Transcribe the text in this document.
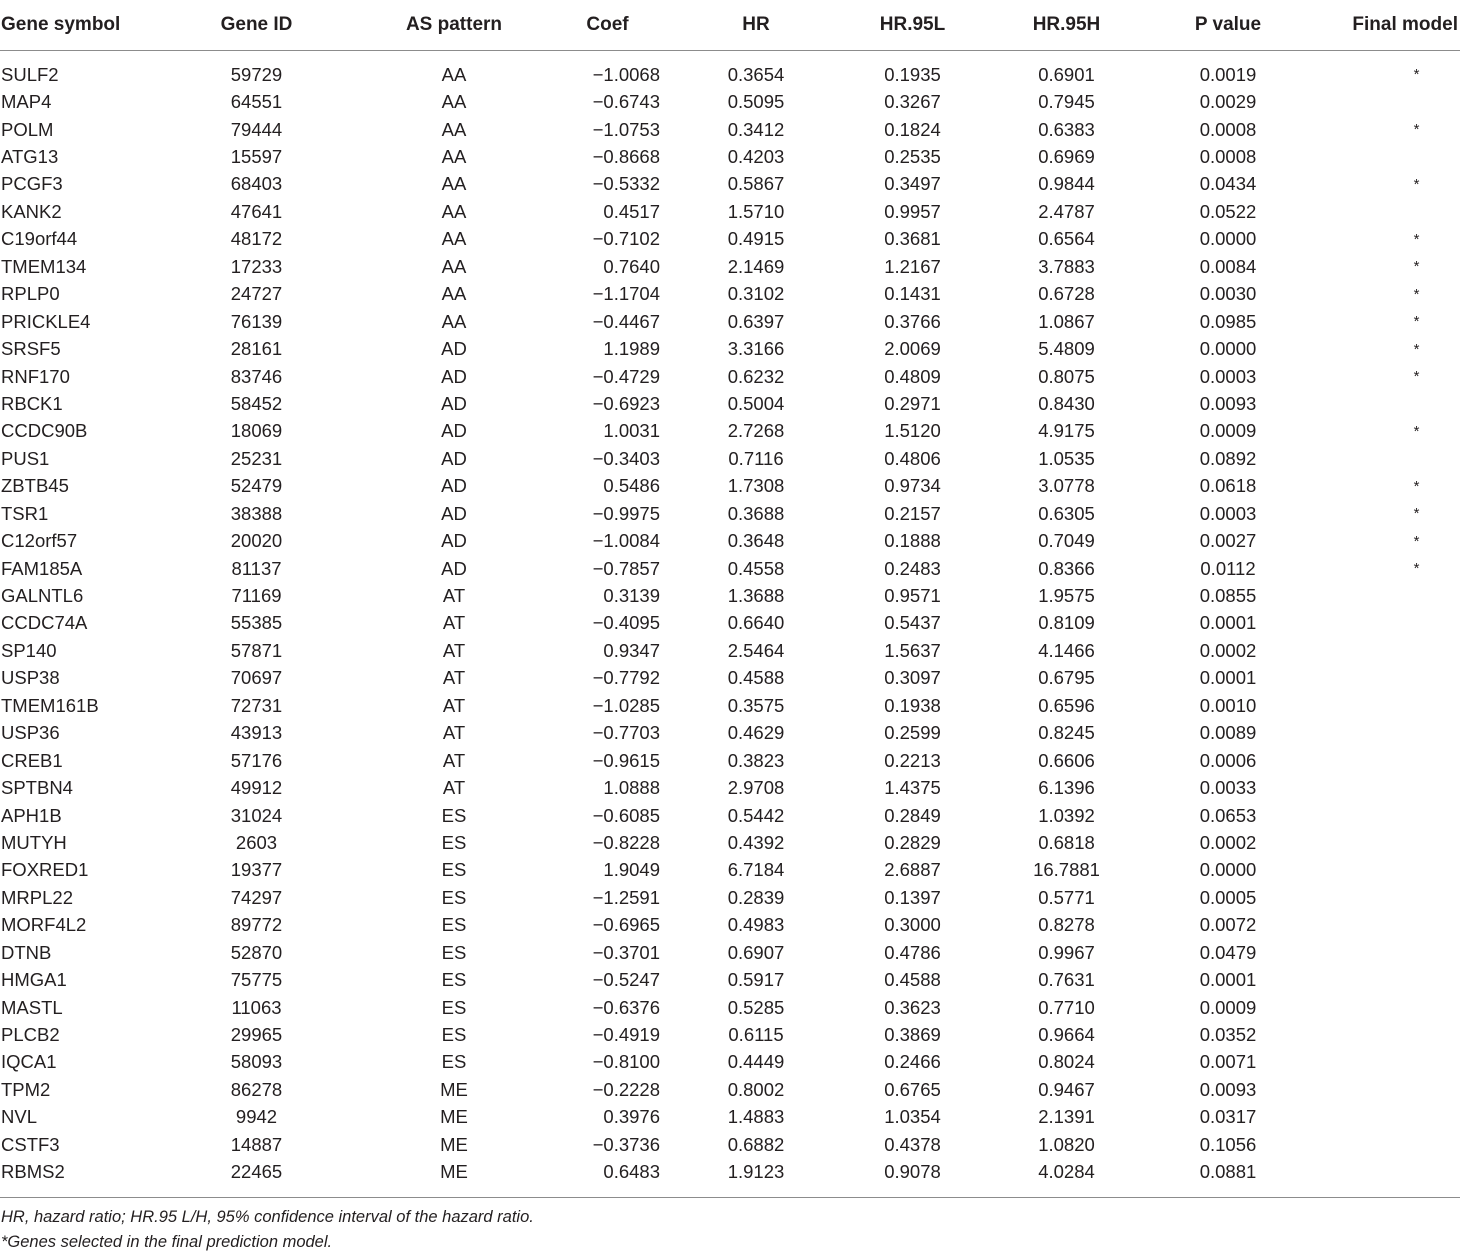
Gene symbol	Gene ID	AS pattern	Coef	HR	HR.95L	HR.95H	P value	Final model

SULF2	59729	AA	−1.0068	0.3654	0.1935	0.6901	0.0019	*
MAP4	64551	AA	−0.6743	0.5095	0.3267	0.7945	0.0029	
POLM	79444	AA	−1.0753	0.3412	0.1824	0.6383	0.0008	*
ATG13	15597	AA	−0.8668	0.4203	0.2535	0.6969	0.0008	
PCGF3	68403	AA	−0.5332	0.5867	0.3497	0.9844	0.0434	*
KANK2	47641	AA	0.4517	1.5710	0.9957	2.4787	0.0522	
C19orf44	48172	AA	−0.7102	0.4915	0.3681	0.6564	0.0000	*
TMEM134	17233	AA	0.7640	2.1469	1.2167	3.7883	0.0084	*
RPLP0	24727	AA	−1.1704	0.3102	0.1431	0.6728	0.0030	*
PRICKLE4	76139	AA	−0.4467	0.6397	0.3766	1.0867	0.0985	*
SRSF5	28161	AD	1.1989	3.3166	2.0069	5.4809	0.0000	*
RNF170	83746	AD	−0.4729	0.6232	0.4809	0.8075	0.0003	*
RBCK1	58452	AD	−0.6923	0.5004	0.2971	0.8430	0.0093	
CCDC90B	18069	AD	1.0031	2.7268	1.5120	4.9175	0.0009	*
PUS1	25231	AD	−0.3403	0.7116	0.4806	1.0535	0.0892	
ZBTB45	52479	AD	0.5486	1.7308	0.9734	3.0778	0.0618	*
TSR1	38388	AD	−0.9975	0.3688	0.2157	0.6305	0.0003	*
C12orf57	20020	AD	−1.0084	0.3648	0.1888	0.7049	0.0027	*
FAM185A	81137	AD	−0.7857	0.4558	0.2483	0.8366	0.0112	*
GALNTL6	71169	AT	0.3139	1.3688	0.9571	1.9575	0.0855	
CCDC74A	55385	AT	−0.4095	0.6640	0.5437	0.8109	0.0001	
SP140	57871	AT	0.9347	2.5464	1.5637	4.1466	0.0002	
USP38	70697	AT	−0.7792	0.4588	0.3097	0.6795	0.0001	
TMEM161B	72731	AT	−1.0285	0.3575	0.1938	0.6596	0.0010	
USP36	43913	AT	−0.7703	0.4629	0.2599	0.8245	0.0089	
CREB1	57176	AT	−0.9615	0.3823	0.2213	0.6606	0.0006	
SPTBN4	49912	AT	1.0888	2.9708	1.4375	6.1396	0.0033	
APH1B	31024	ES	−0.6085	0.5442	0.2849	1.0392	0.0653	
MUTYH	2603	ES	−0.8228	0.4392	0.2829	0.6818	0.0002	
FOXRED1	19377	ES	1.9049	6.7184	2.6887	16.7881	0.0000	
MRPL22	74297	ES	−1.2591	0.2839	0.1397	0.5771	0.0005	
MORF4L2	89772	ES	−0.6965	0.4983	0.3000	0.8278	0.0072	
DTNB	52870	ES	−0.3701	0.6907	0.4786	0.9967	0.0479	
HMGA1	75775	ES	−0.5247	0.5917	0.4588	0.7631	0.0001	
MASTL	11063	ES	−0.6376	0.5285	0.3623	0.7710	0.0009	
PLCB2	29965	ES	−0.4919	0.6115	0.3869	0.9664	0.0352	
IQCA1	58093	ES	−0.8100	0.4449	0.2466	0.8024	0.0071	
TPM2	86278	ME	−0.2228	0.8002	0.6765	0.9467	0.0093	
NVL	9942	ME	0.3976	1.4883	1.0354	2.1391	0.0317	
CSTF3	14887	ME	−0.3736	0.6882	0.4378	1.0820	0.1056	
RBMS2	22465	ME	0.6483	1.9123	0.9078	4.0284	0.0881	
HR, hazard ratio; HR.95 L/H, 95% confidence interval of the hazard ratio.
*Genes selected in the final prediction model.
